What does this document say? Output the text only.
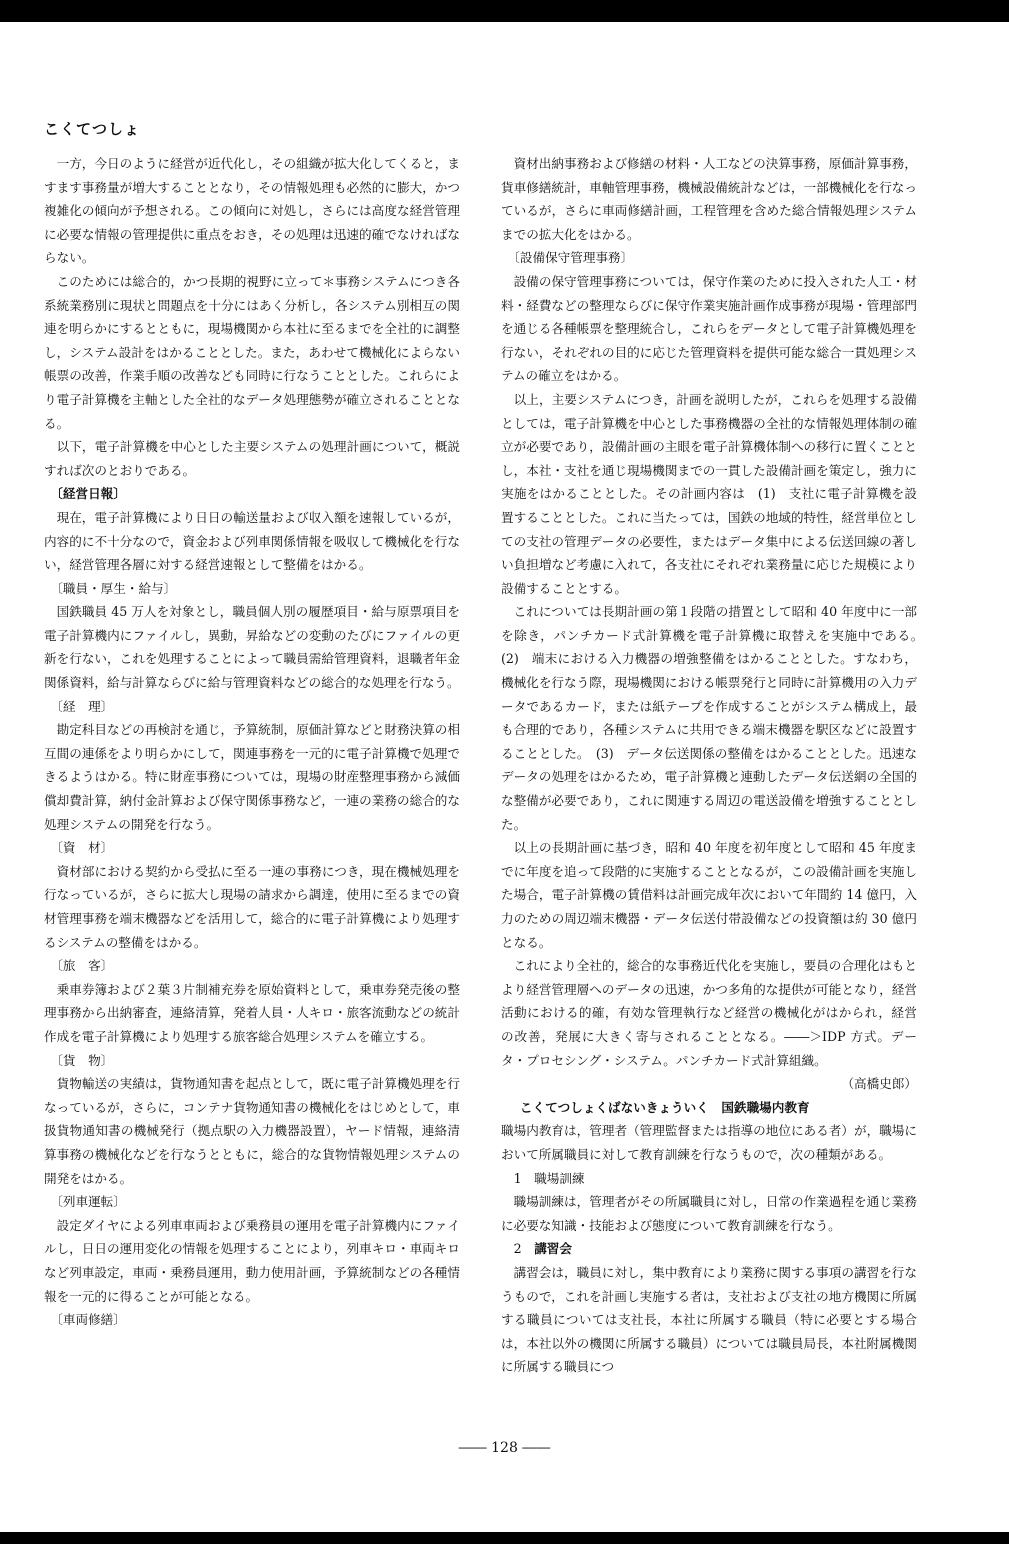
こくてつしょ

一方，今日のように経営が近代化し，その組織が拡大化してくると，ますます事務量が増大することとなり，その情報処理も必然的に膨大，かつ複雑化の傾向が予想される。この傾向に対処し，さらには高度な経営管理に必要な情報の管理提供に重点をおき，その処理は迅速的確でなければならない。

このためには総合的，かつ長期的視野に立って＊事務システムにつき各系統業務別に現状と問題点を十分にはあく分析し，各システム別相互の関連を明らかにするとともに，現場機関から本社に至るまでを全社的に調整し，システム設計をはかることとした。また，あわせて機械化によらない帳票の改善，作業手順の改善なども同時に行なうこととした。これらにより電子計算機を主軸とした全社的なデータ処理態勢が確立されることとなる。

以下，電子計算機を中心とした主要システムの処理計画について，概説すれば次のとおりである。

〔経営日報〕

現在，電子計算機により日日の輸送量および収入額を速報しているが，内容的に不十分なので，資金および列車関係情報を吸収して機械化を行ない，経営管理各層に対する経営速報として整備をはかる。

〔職員・厚生・給与〕

国鉄職員 45 万人を対象とし，職員個人別の履歴項目・給与原票項目を電子計算機内にファイルし，異動，昇給などの変動のたびにファイルの更新を行ない，これを処理することによって職員需給管理資料，退職者年金関係資料，給与計算ならびに給与管理資料などの総合的な処理を行なう。

〔経　理〕

勘定科目などの再検討を通じ，予算統制，原価計算などと財務決算の相互間の連係をより明らかにして，関連事務を一元的に電子計算機で処理できるようはかる。特に財産事務については，現場の財産整理事務から減価償却費計算，納付金計算および保守関係事務など，一連の業務の総合的な処理システムの開発を行なう。

〔資　材〕

資材部における契約から受払に至る一連の事務につき，現在機械処理を行なっているが，さらに拡大し現場の請求から調達，使用に至るまでの資材管理事務を端末機器などを活用して，総合的に電子計算機により処理するシステムの整備をはかる。

〔旅　客〕

乗車券簿および２葉３片制補充券を原始資料として，乗車券発売後の整理事務から出納審査，連絡清算，発着人員・人キロ・旅客流動などの統計作成を電子計算機により処理する旅客総合処理システムを確立する。

〔貨　物〕

貨物輸送の実績は，貨物通知書を起点として，既に電子計算機処理を行なっているが，さらに，コンテナ貨物通知書の機械化をはじめとして，車扱貨物通知書の機械発行（拠点駅の入力機器設置），ヤード情報，連絡清算事務の機械化などを行なうとともに，総合的な貨物情報処理システムの開発をはかる。

〔列車運転〕

設定ダイヤによる列車車両および乗務員の運用を電子計算機内にファイルし，日日の運用変化の情報を処理することにより，列車キロ・車両キロなど列車設定，車両・乗務員運用，動力使用計画，予算統制などの各種情報を一元的に得ることが可能となる。

〔車両修繕〕

資材出納事務および修繕の材料・人工などの決算事務，原価計算事務，貨車修繕統計，車軸管理事務，機械設備統計などは，一部機械化を行なっているが，さらに車両修繕計画，工程管理を含めた総合情報処理システムまでの拡大化をはかる。

〔設備保守管理事務〕

設備の保守管理事務については，保守作業のために投入された人工・材料・経費などの整理ならびに保守作業実施計画作成事務が現場・管理部門を通じる各種帳票を整理統合し，これらをデータとして電子計算機処理を行ない，それぞれの目的に応じた管理資料を提供可能な総合一貫処理システムの確立をはかる。

以上，主要システムにつき，計画を説明したが，これらを処理する設備としては，電子計算機を中心とした事務機器の全社的な情報処理体制の確立が必要であり，設備計画の主眼を電子計算機体制への移行に置くこととし，本社・支社を通じ現場機関までの一貫した設備計画を策定し，強力に実施をはかることとした。その計画内容は　(1)　支社に電子計算機を設置することとした。これに当たっては，国鉄の地域的特性，経営単位としての支社の管理データの必要性，またはデータ集中による伝送回線の著しい負担増など考慮に入れて，各支社にそれぞれ業務量に応じた規模により設備することとする。

これについては長期計画の第１段階の措置として昭和 40 年度中に一部を除き，パンチカード式計算機を電子計算機に取替えを実施中である。　(2)　端末における入力機器の増強整備をはかることとした。すなわち，機械化を行なう際，現場機関における帳票発行と同時に計算機用の入力データであるカード，または紙テープを作成することがシステム構成上，最も合理的であり，各種システムに共用できる端末機器を駅区などに設置することとした。　(3)　データ伝送関係の整備をはかることとした。迅速なデータの処理をはかるため，電子計算機と連動したデータ伝送網の全国的な整備が必要であり，これに関連する周辺の電送設備を増強することとした。

以上の長期計画に基づき，昭和 40 年度を初年度として昭和 45 年度までに年度を追って段階的に実施することとなるが，この設備計画を実施した場合，電子計算機の賃借料は計画完成年次において年間約 14 億円，入力のための周辺端末機器・データ伝送付帯設備などの投資額は約 30 億円となる。

これにより全社的，総合的な事務近代化を実施し，要員の合理化はもとより経営管理層へのデータの迅速，かつ多角的な提供が可能となり，経営活動における的確，有効な管理執行など経営の機械化がはかられ，経営の改善，発展に大きく寄与されることとなる。――＞IDP 方式。データ・プロセシング・システム。パンチカード式計算組織。

（高橋史郎）

こくてつしょくばないきょういく　国鉄職場内教育

職場内教育は，管理者（管理監督または指導の地位にある者）が，職場において所属職員に対して教育訓練を行なうもので，次の種類がある。

1　 職場訓練

職場訓練は，管理者がその所属職員に対し，日常の作業過程を通じ業務に必要な知識・技能および態度について教育訓練を行なう。

2　 講習会

講習会は，職員に対し，集中教育により業務に関する事項の講習を行なうもので，これを計画し実施する者は，支社および支社の地方機関に所属する職員については支社長，本社に所属する職員（特に必要とする場合は，本社以外の機関に所属する職員）については職員局長，本社附属機関に所属する職員につ

―― 128 ――
